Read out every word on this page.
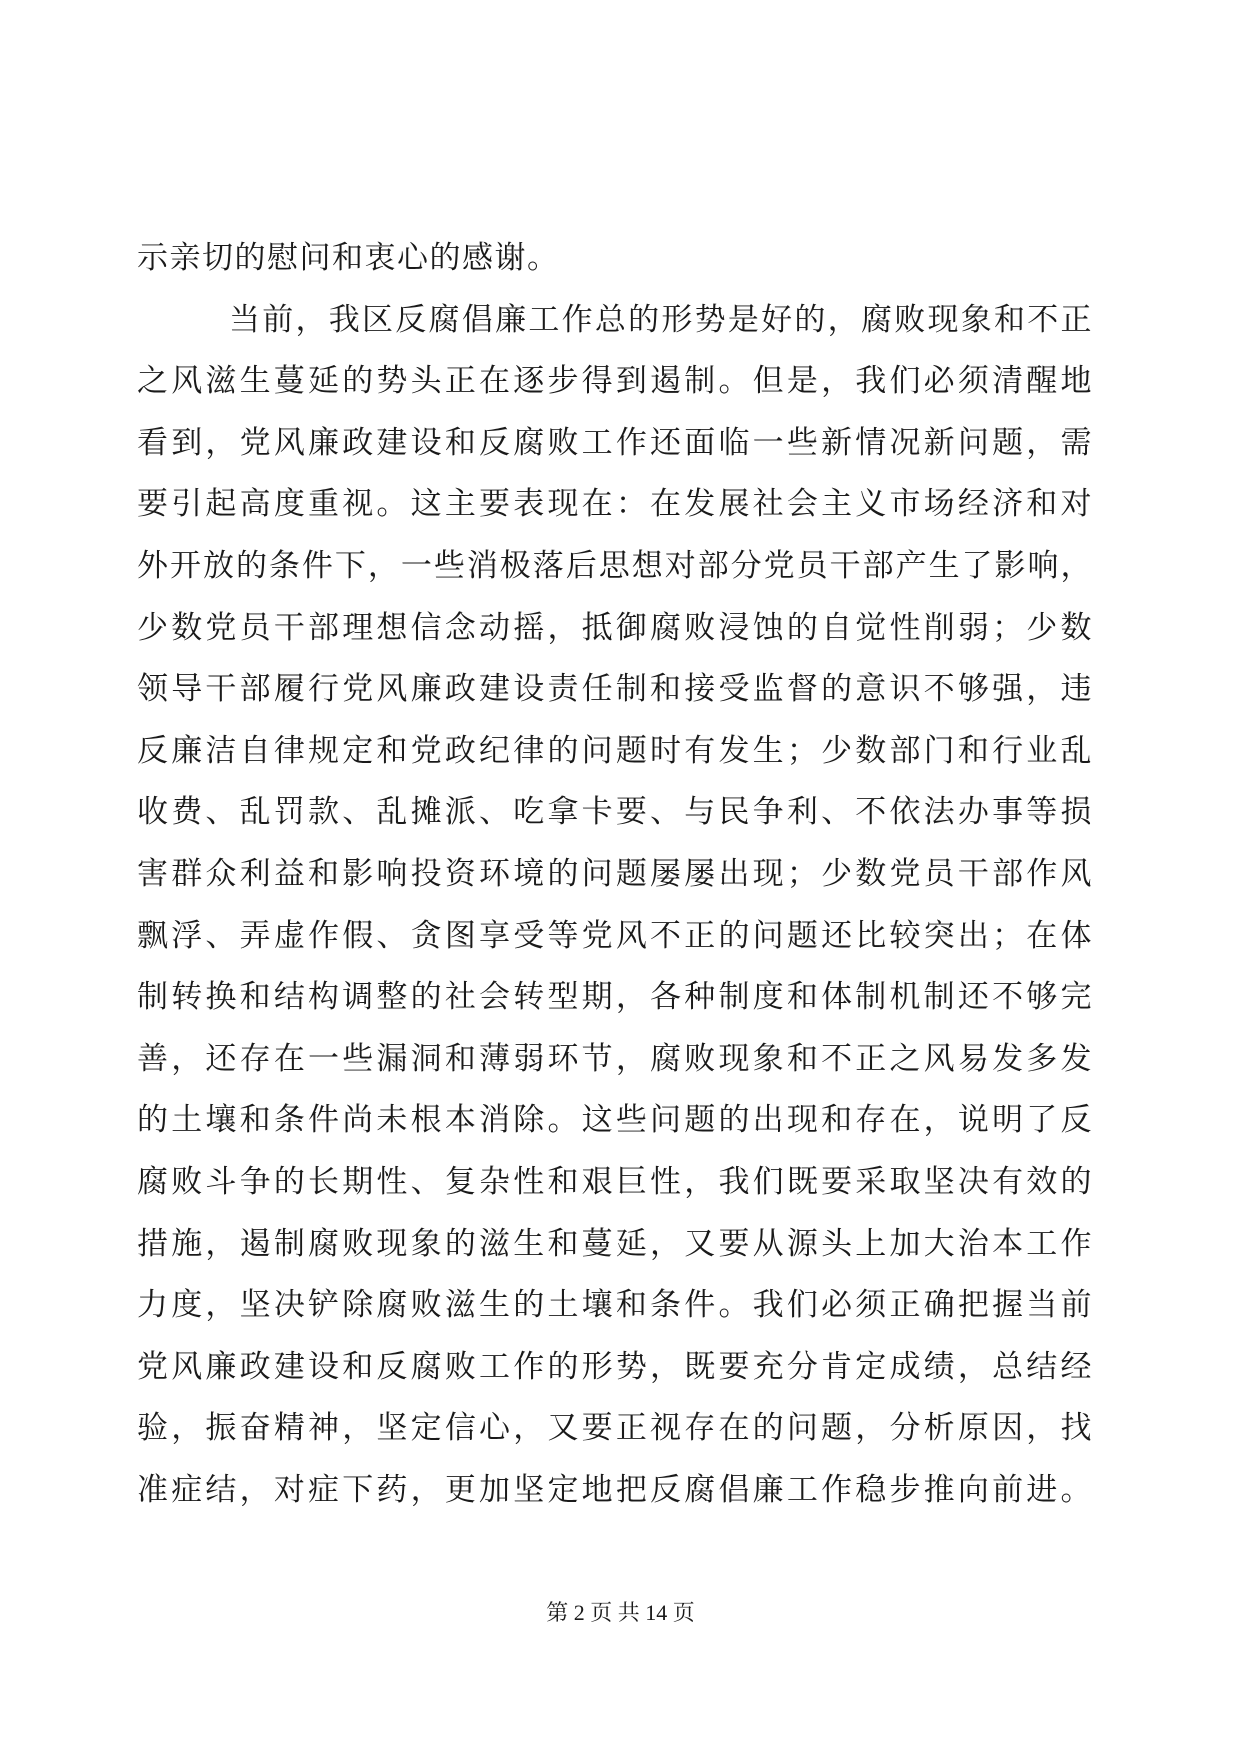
示亲切的慰问和衷心的感谢。
当前，我区反腐倡廉工作总的形势是好的，腐败现象和不正
之风滋生蔓延的势头正在逐步得到遏制。但是，我们必须清醒地
看到，党风廉政建设和反腐败工作还面临一些新情况新问题，需
要引起高度重视。这主要表现在：在发展社会主义市场经济和对
外开放的条件下，一些消极落后思想对部分党员干部产生了影响，
少数党员干部理想信念动摇，抵御腐败浸蚀的自觉性削弱；少数
领导干部履行党风廉政建设责任制和接受监督的意识不够强，违
反廉洁自律规定和党政纪律的问题时有发生；少数部门和行业乱
收费、乱罚款、乱摊派、吃拿卡要、与民争利、不依法办事等损
害群众利益和影响投资环境的问题屡屡出现；少数党员干部作风
飘浮、弄虚作假、贪图享受等党风不正的问题还比较突出；在体
制转换和结构调整的社会转型期，各种制度和体制机制还不够完
善，还存在一些漏洞和薄弱环节，腐败现象和不正之风易发多发
的土壤和条件尚未根本消除。这些问题的出现和存在，说明了反
腐败斗争的长期性、复杂性和艰巨性，我们既要采取坚决有效的
措施，遏制腐败现象的滋生和蔓延，又要从源头上加大治本工作
力度，坚决铲除腐败滋生的土壤和条件。我们必须正确把握当前
党风廉政建设和反腐败工作的形势，既要充分肯定成绩，总结经
验，振奋精神，坚定信心，又要正视存在的问题，分析原因，找
准症结，对症下药，更加坚定地把反腐倡廉工作稳步推向前进。
第 2 页 共 14 页
